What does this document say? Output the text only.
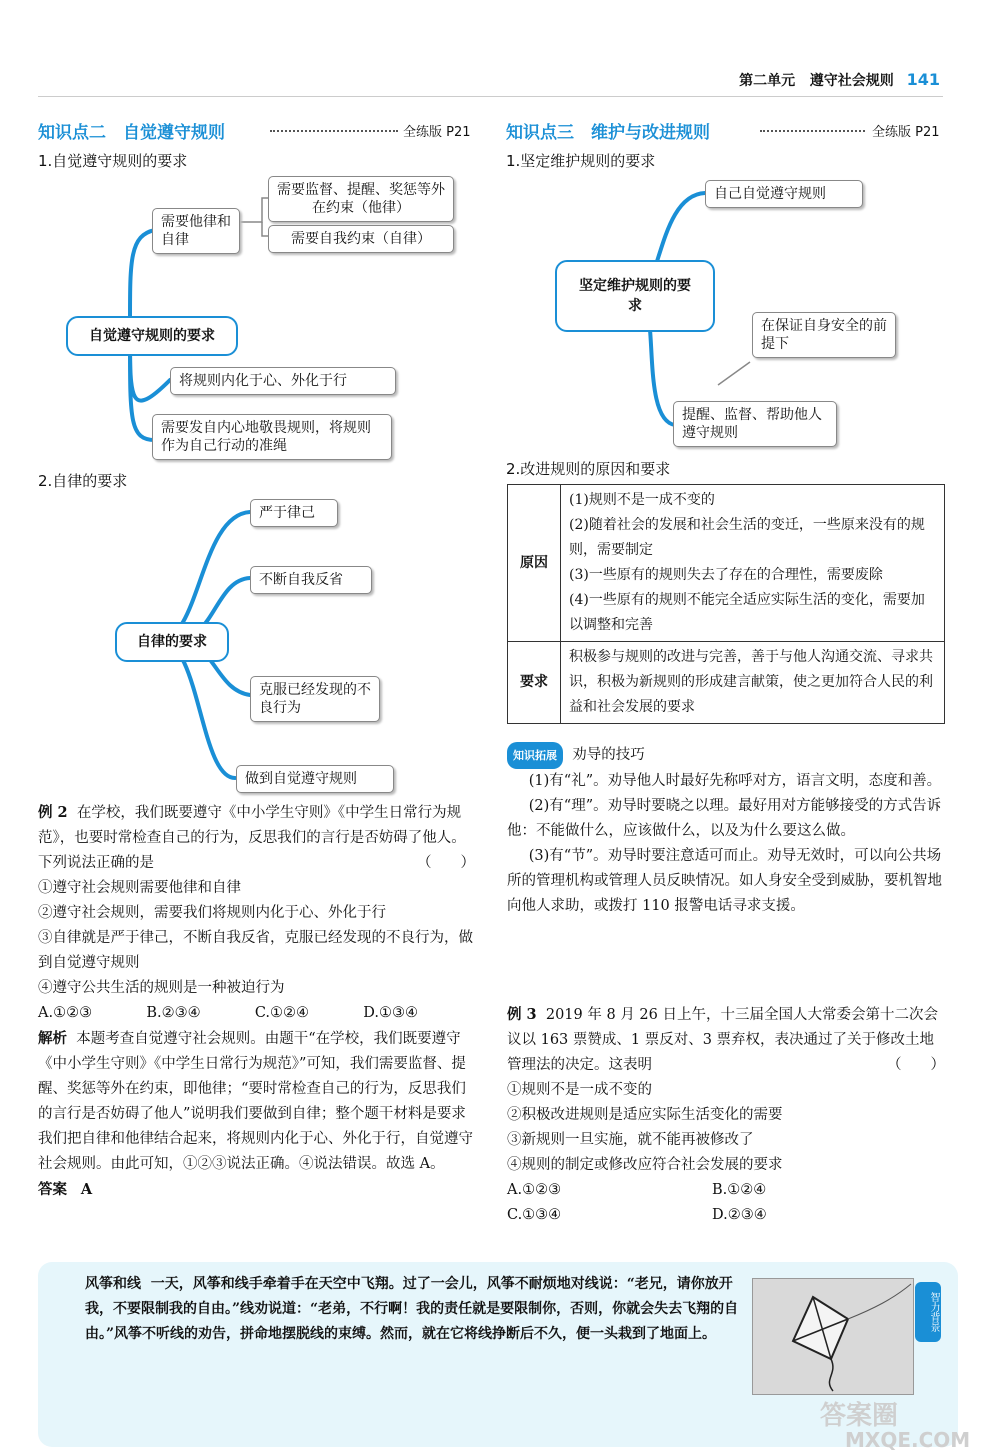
第二单元 遵守社会规则 141
知识点二　自觉遵守规则	全练版 P21
1.自觉遵守规则的要求
自觉遵守规则的要求
需要他律和自律
需要监督、提醒、奖惩等外在约束（他律）
需要自我约束（自律）
将规则内化于心、外化于行
需要发自内心地敬畏规则，将规则作为自己行动的准绳
2.自律的要求
自律的要求
严于律己
不断自我反省
克服已经发现的不良行为
做到自觉遵守规则
例 2 在学校，我们既要遵守《中小学生守则》《中学生日常行为规范》，也要时常检查自己的行为，反思我们的言行是否妨碍了他人。下列说法正确的是	（　　）
①遵守社会规则需要他律和自律
②遵守社会规则，需要我们将规则内化于心、外化于行
③自律就是严于律己，不断自我反省，克服已经发现的不良行为，做到自觉遵守规则
④遵守公共生活的规则是一种被迫行为
A.①②③	B.②③④	C.①②④	D.①③④
解析 本题考查自觉遵守社会规则。由题干“在学校，我们既要遵守《中小学生守则》《中学生日常行为规范》”可知，我们需要监督、提醒、奖惩等外在约束，即他律；“要时常检查自己的行为，反思我们的言行是否妨碍了他人”说明我们要做到自律；整个题干材料是要求我们把自律和他律结合起来，将规则内化于心、外化于行，自觉遵守社会规则。由此可知，①②③说法正确。④说法错误。故选 A。
答案 A
知识点三　维护与改进规则	全练版 P21
1.坚定维护规则的要求
坚定维护规则的要求
自己自觉遵守规则
在保证自身安全的前提下
提醒、监督、帮助他人遵守规则
2.改进规则的原因和要求
原因	(1)规则不是一成不变的
(2)随着社会的发展和社会生活的变迁，一些原来没有的规则，需要制定
(3)一些原有的规则失去了存在的合理性，需要废除
(4)一些原有的规则不能完全适应实际生活的变化，需要加以调整和完善

要求	积极参与规则的改进与完善，善于与他人沟通交流、寻求共识，积极为新规则的形成建言献策，使之更加符合人民的利益和社会发展的要求
知识拓展 劝导的技巧
(1)有“礼”。劝导他人时最好先称呼对方，语言文明，态度和善。
(2)有“理”。劝导时要晓之以理。最好用对方能够接受的方式告诉他：不能做什么，应该做什么，以及为什么要这么做。
(3)有“节”。劝导时要注意适可而止。劝导无效时，可以向公共场所的管理机构或管理人员反映情况。如人身安全受到威胁，要机智地向他人求助，或拨打 110 报警电话寻求支援。
例 3 2019 年 8 月 26 日上午，十三届全国人大常委会第十二次会议以 163 票赞成、1 票反对、3 票弃权，表决通过了关于修改土地管理法的决定。这表明	（　　）
①规则不是一成不变的
②积极改进规则是适应实际生活变化的需要
③新规则一旦实施，就不能再被修改了
④规则的制定或修改应符合社会发展的要求
A.①②③	B.①②④
C.①③④	D.②③④
风筝和线 一天，风筝和线手牵着手在天空中飞翔。过了一会儿，风筝不耐烦地对线说：“老兄，请你放开我，不要限制我的自由。”线劝说道：“老弟，不行啊！我的责任就是要限制你，否则，你就会失去飞翔的自由。”风筝不听线的劝告，拼命地摆脱线的束缚。然而，就在它将线挣断后不久，便一头栽到了地面上。
智力背景
答案圈
MXQE.COM
